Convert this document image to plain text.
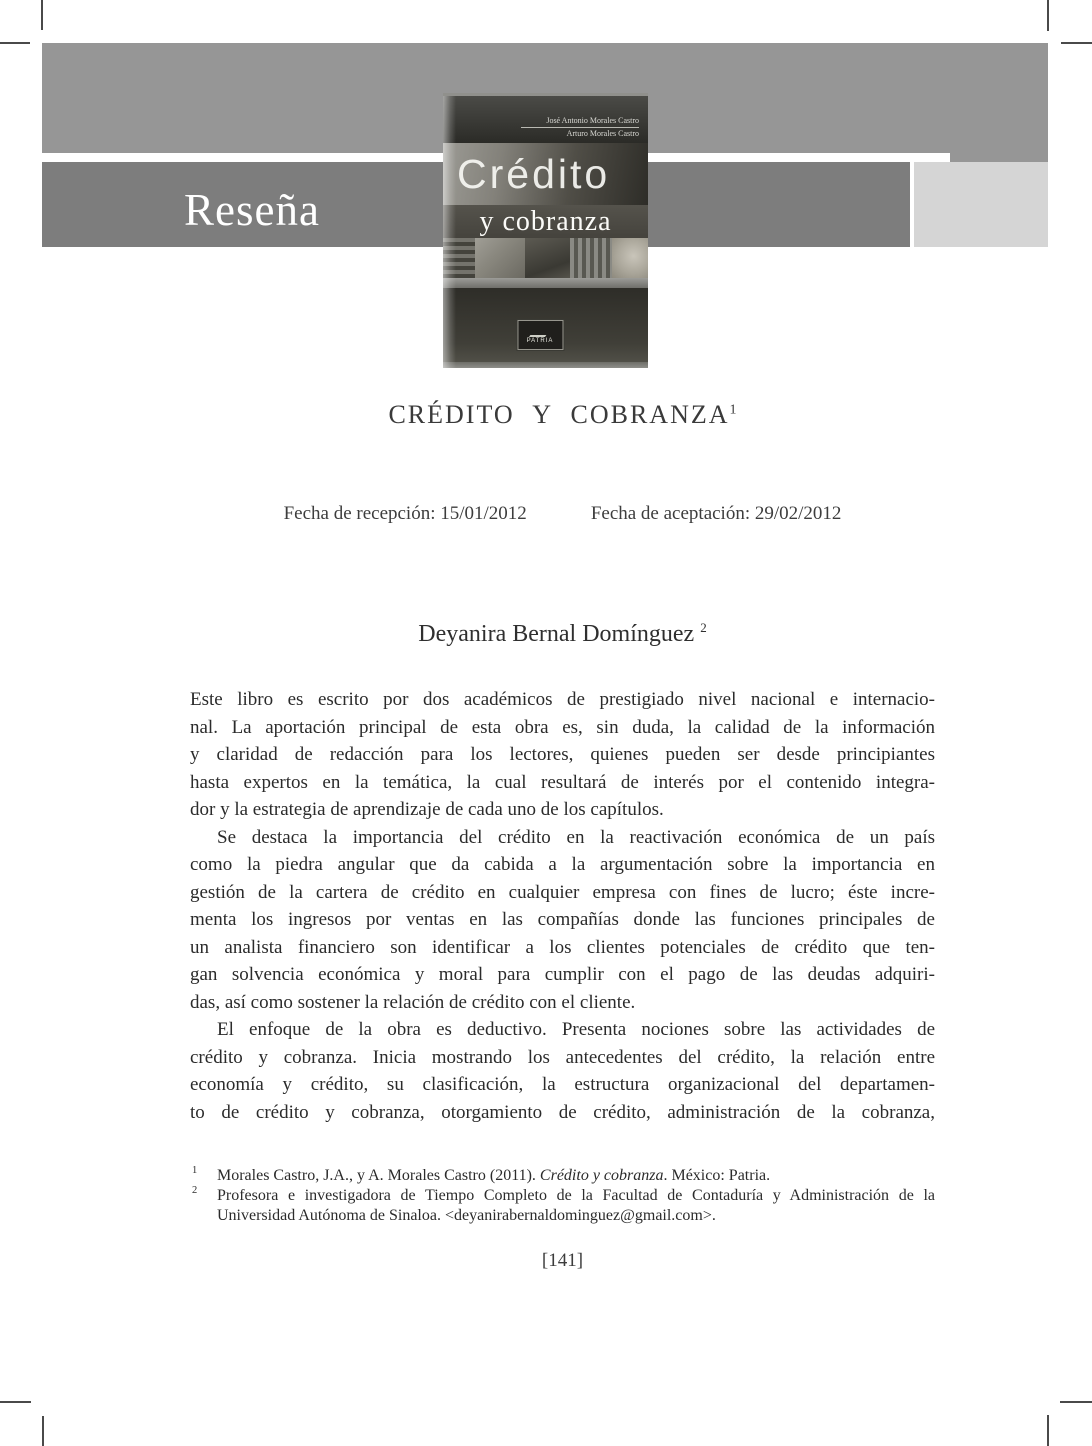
Reseña
José Antonio Morales Castro
Arturo Morales Castro
Crédito
y cobranza
PATRIA
CRÉDITO Y COBRANZA$^1$
Fecha de recepción: 15/01/2012	Fecha de aceptación: 29/02/2012
Deyanira Bernal Domínguez $^2$
Este libro es escrito por dos académicos de prestigiado nivel nacional e internacio-
nal. La aportación principal de esta obra es, sin duda, la calidad de la información
y claridad de redacción para los lectores, quienes pueden ser desde principiantes
hasta expertos en la temática, la cual resultará de interés por el contenido integra-
dor y la estrategia de aprendizaje de cada uno de los capítulos.
Se destaca la importancia del crédito en la reactivación económica de un país
como la piedra angular que da cabida a la argumentación sobre la importancia en
gestión de la cartera de crédito en cualquier empresa con fines de lucro; éste incre-
menta los ingresos por ventas en las compañías donde las funciones principales de
un analista financiero son identificar a los clientes potenciales de crédito que ten-
gan solvencia económica y moral para cumplir con el pago de las deudas adquiri-
das, así como sostener la relación de crédito con el cliente.
El enfoque de la obra es deductivo. Presenta nociones sobre las actividades de
crédito y cobranza. Inicia mostrando los antecedentes del crédito, la relación entre
economía y crédito, su clasificación, la estructura organizacional del departamen-
to de crédito y cobranza, otorgamiento de crédito, administración de la cobranza,
1 Morales Castro, J.A., y A. Morales Castro (2011). Crédito y cobranza. México: Patria.
2 Profesora e investigadora de Tiempo Completo de la Facultad de Contaduría y Administración de la
Universidad Autónoma de Sinaloa. <deyanirabernaldominguez@gmail.com>.
[141]
